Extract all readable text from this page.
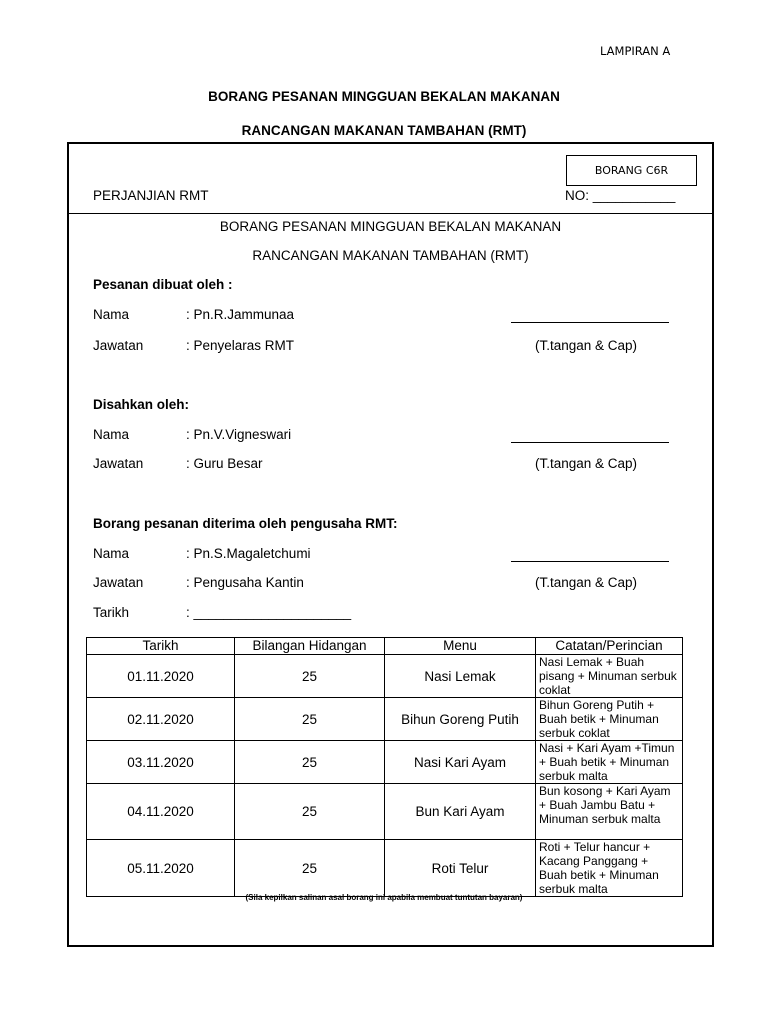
LAMPIRAN A
BORANG PESANAN MINGGUAN BEKALAN MAKANAN
RANCANGAN MAKANAN TAMBAHAN (RMT)
BORANG C6R
PERJANJIAN RMT	NO: ___________
BORANG PESANAN MINGGUAN BEKALAN MAKANAN
RANCANGAN MAKANAN TAMBAHAN (RMT)
Pesanan dibuat oleh :
Nama	: Pn.R.Jammunaa
Jawatan	: Penyelaras RMT	(T.tangan & Cap)
Disahkan oleh:
Nama	: Pn.V.Vigneswari
Jawatan	: Guru Besar	(T.tangan & Cap)
Borang pesanan diterima oleh pengusaha RMT:
Nama	: Pn.S.Magaletchumi
Jawatan	: Pengusaha Kantin	(T.tangan & Cap)
Tarikh	: _____________________
Tarikh	Bilangan Hidangan	Menu	Catatan/Perincian
01.11.2020	25	Nasi Lemak	Nasi Lemak + Buah pisang + Minuman serbuk coklat
02.11.2020	25	Bihun Goreng Putih	Bihun Goreng Putih + Buah betik + Minuman serbuk coklat
03.11.2020	25	Nasi Kari Ayam	Nasi + Kari Ayam +Timun + Buah betik + Minuman serbuk malta
04.11.2020	25	Bun Kari Ayam	Bun kosong + Kari Ayam + Buah Jambu Batu + Minuman serbuk malta
05.11.2020	25	Roti Telur	Roti + Telur hancur + Kacang Panggang + Buah betik + Minuman serbuk malta
(Sila kepilkan salinan asal borang ini apabila membuat tuntutan bayaran)
